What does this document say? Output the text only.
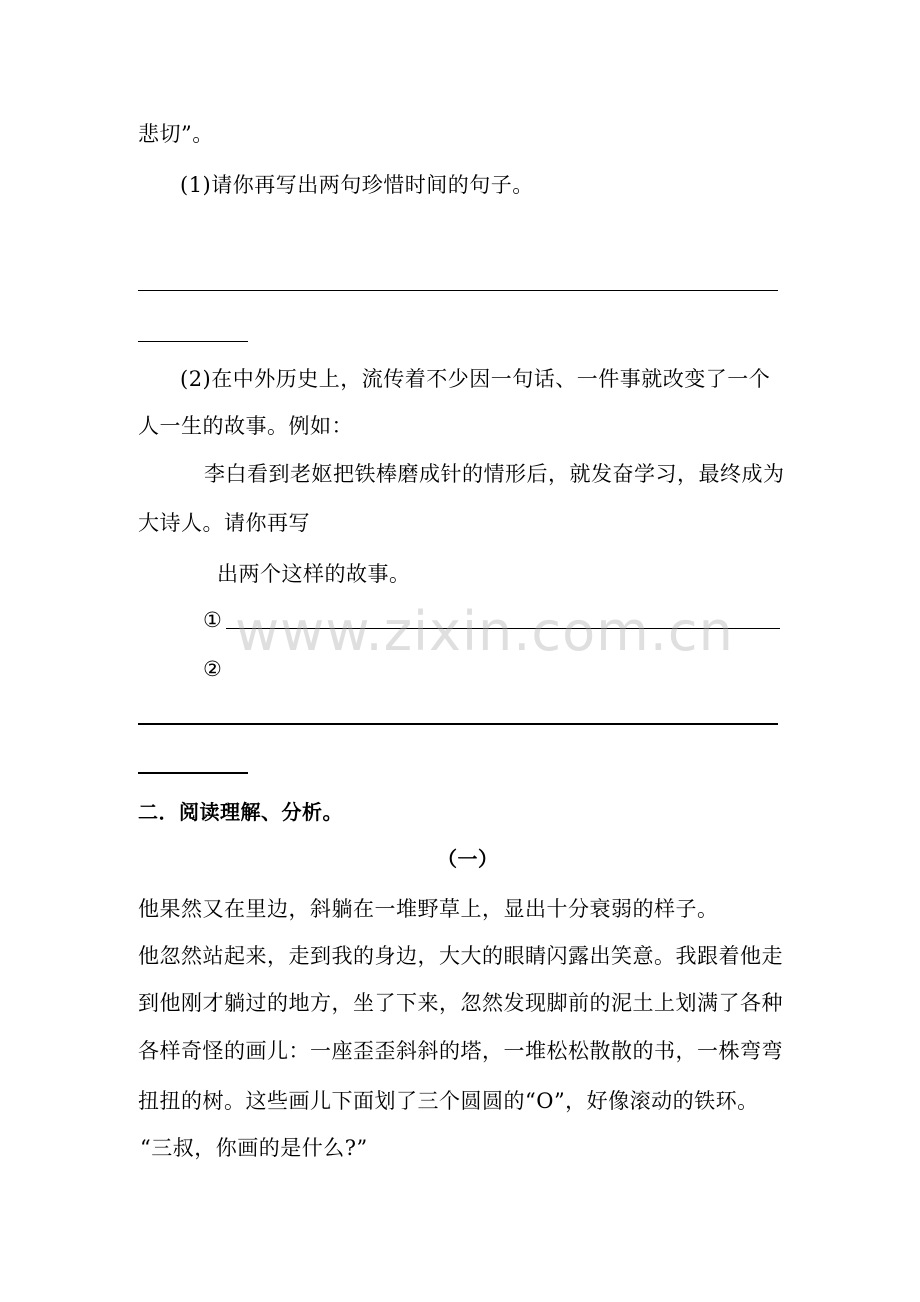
悲切”。
(1)请你再写出两句珍惜时间的句子。
(2)在中外历史上，流传着不少因一句话、一件事就改变了一个
人一生的故事。例如：
李白看到老妪把铁棒磨成针的情形后，就发奋学习，最终成为
大诗人。请你再写
出两个这样的故事。
①
②
二．阅读理解、分析。
（一）
他果然又在里边，斜躺在一堆野草上，显出十分衰弱的样子。
他忽然站起来，走到我的身边，大大的眼睛闪露出笑意。我跟着他走
到他刚才躺过的地方，坐了下来，忽然发现脚前的泥土上划满了各种
各样奇怪的画儿：一座歪歪斜斜的塔，一堆松松散散的书，一株弯弯
扭扭的树。这些画儿下面划了三个圆圆的“O”，好像滚动的铁环。
“三叔，你画的是什么?”
www.zixin.com.cn
